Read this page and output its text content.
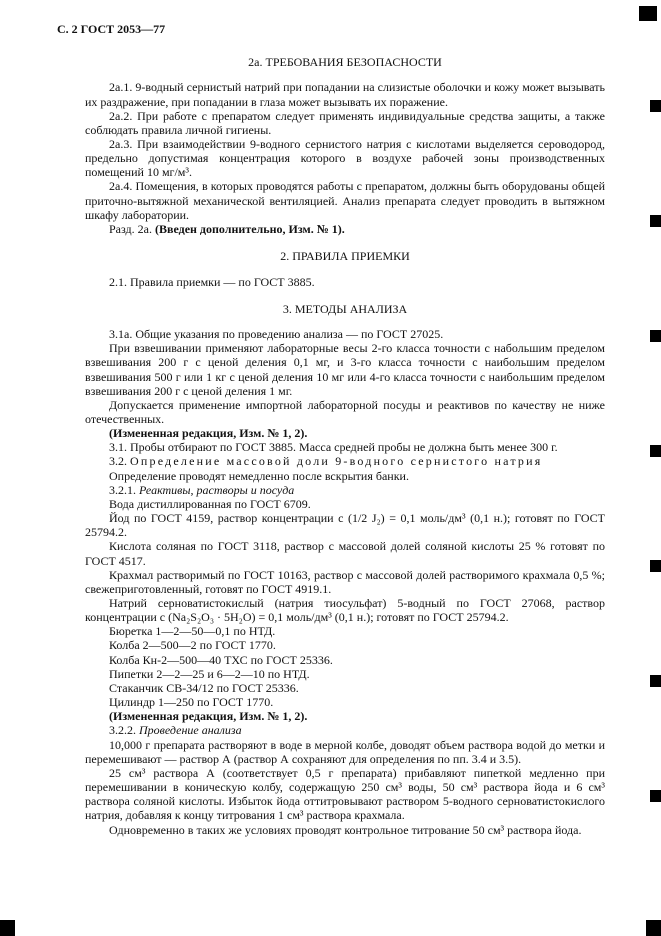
С. 2 ГОСТ 2053—77
2а. ТРЕБОВАНИЯ БЕЗОПАСНОСТИ

2а.1. 9-водный сернистый натрий при попадании на слизистые оболочки и кожу может вызывать их раздражение, при попадании в глаза может вызывать их поражение.

2а.2. При работе с препаратом следует применять индивидуальные средства защиты, а также соблюдать правила личной гигиены.

2а.3. При взаимодействии 9-водного сернистого натрия с кислотами выделяется сероводород, предельно допустимая концентрация которого в воздухе рабочей зоны производственных помещений 10 мг/м³.

2а.4. Помещения, в которых проводятся работы с препаратом, должны быть оборудованы общей приточно-вытяжной механической вентиляцией. Анализ препарата следует проводить в вытяжном шкафу лаборатории.

Разд. 2а. (Введен дополнительно, Изм. № 1).

2. ПРАВИЛА ПРИЕМКИ

2.1. Правила приемки — по ГОСТ 3885.

3. МЕТОДЫ АНАЛИЗА

3.1а. Общие указания по проведению анализа — по ГОСТ 27025.

При взвешивании применяют лабораторные весы 2-го класса точности с набольшим пределом взвешивания 200 г с ценой деления 0,1 мг, и 3-го класса точности с наибольшим пределом взвешивания 500 г или 1 кг с ценой деления 10 мг или 4-го класса точности с наибольшим пределом взвешивания 200 г с ценой деления 1 мг.

Допускается применение импортной лабораторной посуды и реактивов по качеству не ниже отечественных.

(Измененная редакция, Изм. № 1, 2).

3.1. Пробы отбирают по ГОСТ 3885. Масса средней пробы не должна быть менее 300 г.

3.2. Определение массовой доли 9-водного сернистого натрия

Определение проводят немедленно после вскрытия банки.

3.2.1. Реактивы, растворы и посуда

Вода дистиллированная по ГОСТ 6709.

Йод по ГОСТ 4159, раствор концентрации с (1/2 J₂) = 0,1 моль/дм³ (0,1 н.); готовят по ГОСТ 25794.2.

Кислота соляная по ГОСТ 3118, раствор с массовой долей соляной кислоты 25 % готовят по ГОСТ 4517.

Крахмал растворимый по ГОСТ 10163, раствор с массовой долей растворимого крахмала 0,5 %; свежеприготовленный, готовят по ГОСТ 4919.1.

Натрий серноватистокислый (натрия тиосульфат) 5-водный по ГОСТ 27068, раствор концентрации с (Na₂S₂O₃ · 5H₂O) = 0,1 моль/дм³ (0,1 н.); готовят по ГОСТ 25794.2.

Бюретка 1—2—50—0,1 по НТД.

Колба 2—500—2 по ГОСТ 1770.

Колба Кн-2—500—40 ТХС по ГОСТ 25336.

Пипетки 2—2—25 и 6—2—10 по НТД.

Стаканчик СВ-34/12 по ГОСТ 25336.

Цилиндр 1—250 по ГОСТ 1770.

(Измененная редакция, Изм. № 1, 2).

3.2.2. Проведение анализа

10,000 г препарата растворяют в воде в мерной колбе, доводят объем раствора водой до метки и перемешивают — раствор А (раствор А сохраняют для определения по пп. 3.4 и 3.5).

25 см³ раствора А (соответствует 0,5 г препарата) прибавляют пипеткой медленно при перемешивании в коническую колбу, содержащую 250 см³ воды, 50 см³ раствора йода и 6 см³ раствора соляной кислоты. Избыток йода оттитровывают раствором 5-водного серноватистокислого натрия, добавляя к концу титрования 1 см³ раствора крахмала.

Одновременно в таких же условиях проводят контрольное титрование 50 см³ раствора йода.
